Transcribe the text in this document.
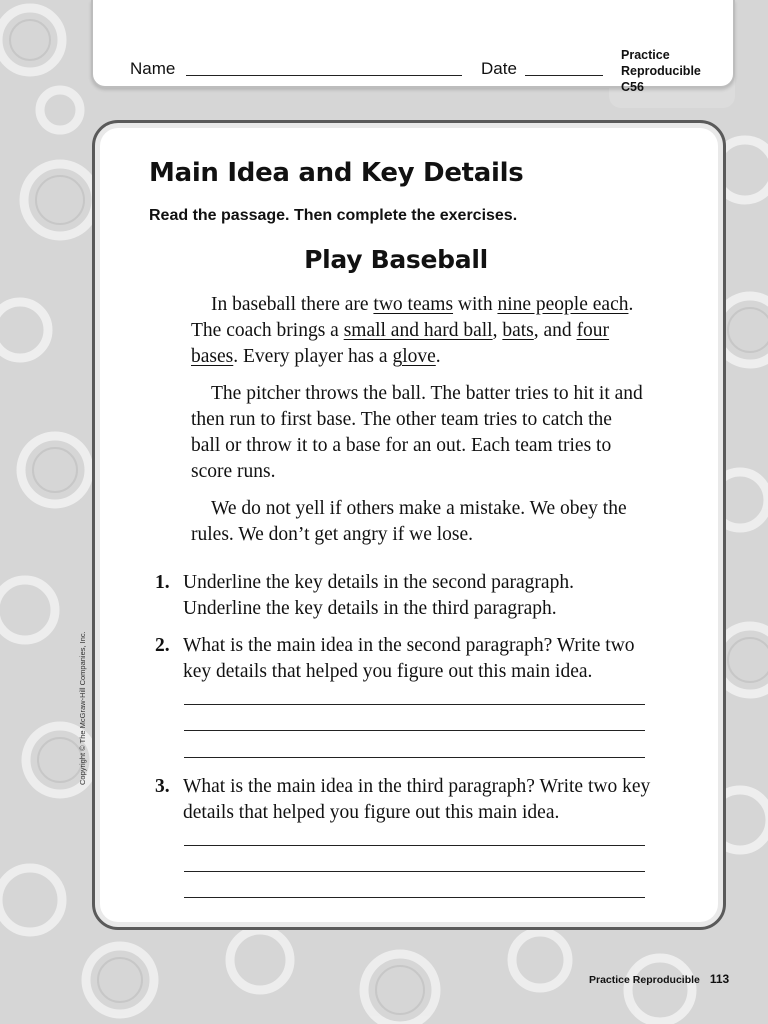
Practice
Reproducible
C56
Name	Date
Main Idea and Key Details
Read the passage. Then complete the exercises.
Play Baseball

In baseball there are two teams with nine people each. The coach brings a small and hard ball, bats, and four bases. Every player has a glove.

The pitcher throws the ball. The batter tries to hit it and then run to first base. The other team tries to catch the ball or throw it to a base for an out. Each team tries to score runs.

We do not yell if others make a mistake. We obey the rules. We don’t get angry if we lose.

1. Underline the key details in the second paragraph. Underline the key details in the third paragraph.
2. What is the main idea in the second paragraph? Write two key details that helped you figure out this main idea.
3. What is the main idea in the third paragraph? Write two key details that helped you figure out this main idea.
Copyright © The McGraw-Hill Companies, Inc.
Practice Reproducible 113
